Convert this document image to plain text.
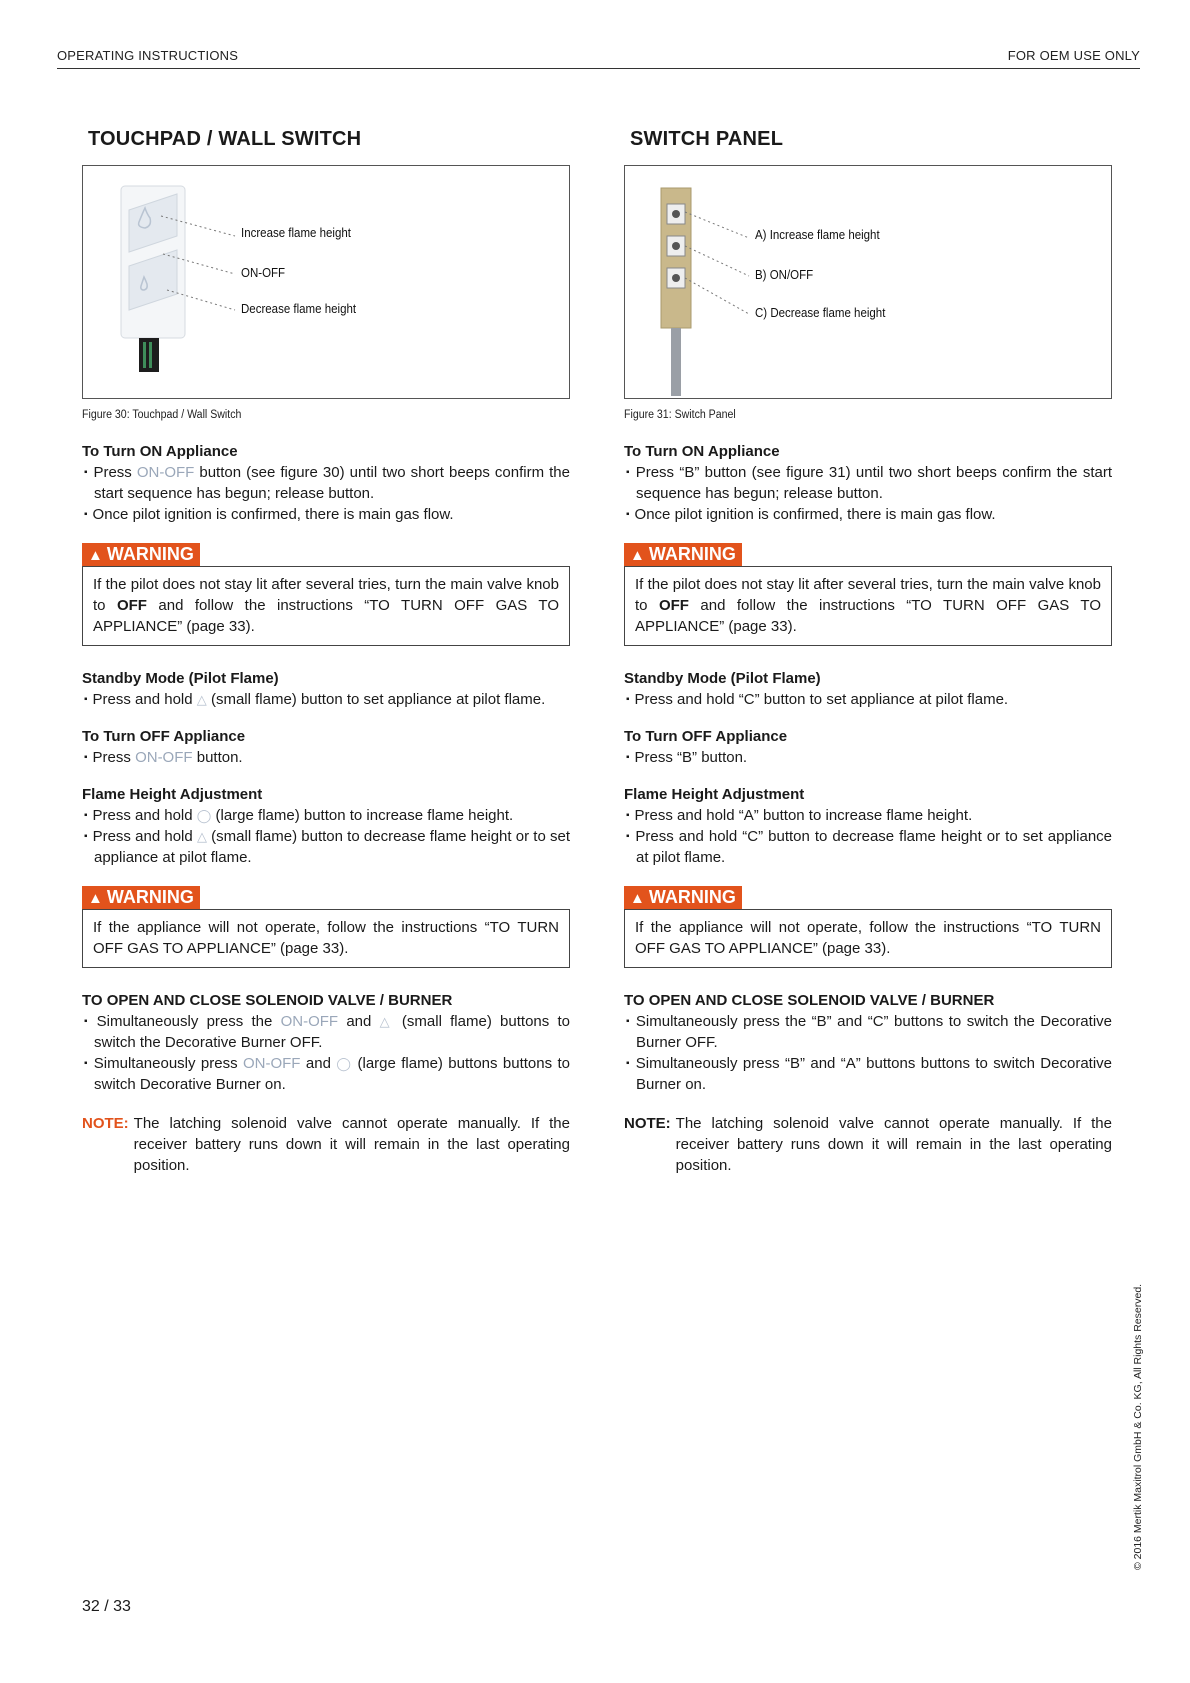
OPERATING INSTRUCTIONS	FOR OEM USE ONLY
TOUCHPAD / WALL SWITCH
Increase flame height
ON-OFF
Decrease flame height
Figure 30: Touchpad / Wall Switch
To Turn ON Appliance
▪ Press ON-OFF button (see figure 30) until two short beeps confirm the start sequence has begun; release button.
▪ Once pilot ignition is confirmed, there is main gas flow.
▲ WARNING
If the pilot does not stay lit after several tries, turn the main valve knob to OFF and follow the instructions “TO TURN OFF GAS TO APPLIANCE” (page 33).
Standby Mode (Pilot Flame)
▪ Press and hold △ (small flame) button to set appliance at pilot flame.
To Turn OFF Appliance
▪ Press ON-OFF button.
Flame Height Adjustment
▪ Press and hold ◯ (large flame) button to increase flame height.
▪ Press and hold △ (small flame) button to decrease flame height or to set appliance at pilot flame.
▲ WARNING
If the appliance will not operate, follow the instructions “TO TURN OFF GAS TO APPLIANCE” (page 33).
TO OPEN AND CLOSE SOLENOID VALVE / BURNER
▪ Simultaneously press the ON-OFF and △ (small flame) buttons to switch the Decorative Burner OFF.
▪ Simultaneously press ON-OFF and ◯ (large flame) buttons buttons to switch Decorative Burner on.
NOTE: The latching solenoid valve cannot operate manually. If the receiver battery runs down it will remain in the last operating position.
SWITCH PANEL
A) Increase flame height
B) ON/OFF
C) Decrease flame height
Figure 31: Switch Panel
To Turn ON Appliance
▪ Press “B” button (see figure 31) until two short beeps confirm the start sequence has begun; release button.
▪ Once pilot ignition is confirmed, there is main gas flow.
▲ WARNING
If the pilot does not stay lit after several tries, turn the main valve knob to OFF and follow the instructions “TO TURN OFF GAS TO APPLIANCE” (page 33).
Standby Mode (Pilot Flame)
▪ Press and hold “C” button to set appliance at pilot flame.
To Turn OFF Appliance
▪ Press “B” button.
Flame Height Adjustment
▪ Press and hold “A” button to increase flame height.
▪ Press and hold “C” button to decrease flame height or to set appliance at pilot flame.
▲ WARNING
If the appliance will not operate, follow the instructions “TO TURN OFF GAS TO APPLIANCE” (page 33).
TO OPEN AND CLOSE SOLENOID VALVE / BURNER
▪ Simultaneously press the “B” and “C” buttons to switch the Decorative Burner OFF.
▪ Simultaneously press “B” and “A” buttons buttons to switch Decorative Burner on.
NOTE: The latching solenoid valve cannot operate manually. If the receiver battery runs down it will remain in the last operating position.
32 / 33
© 2016 Mertik Maxitrol GmbH & Co. KG, All Rights Reserved.
